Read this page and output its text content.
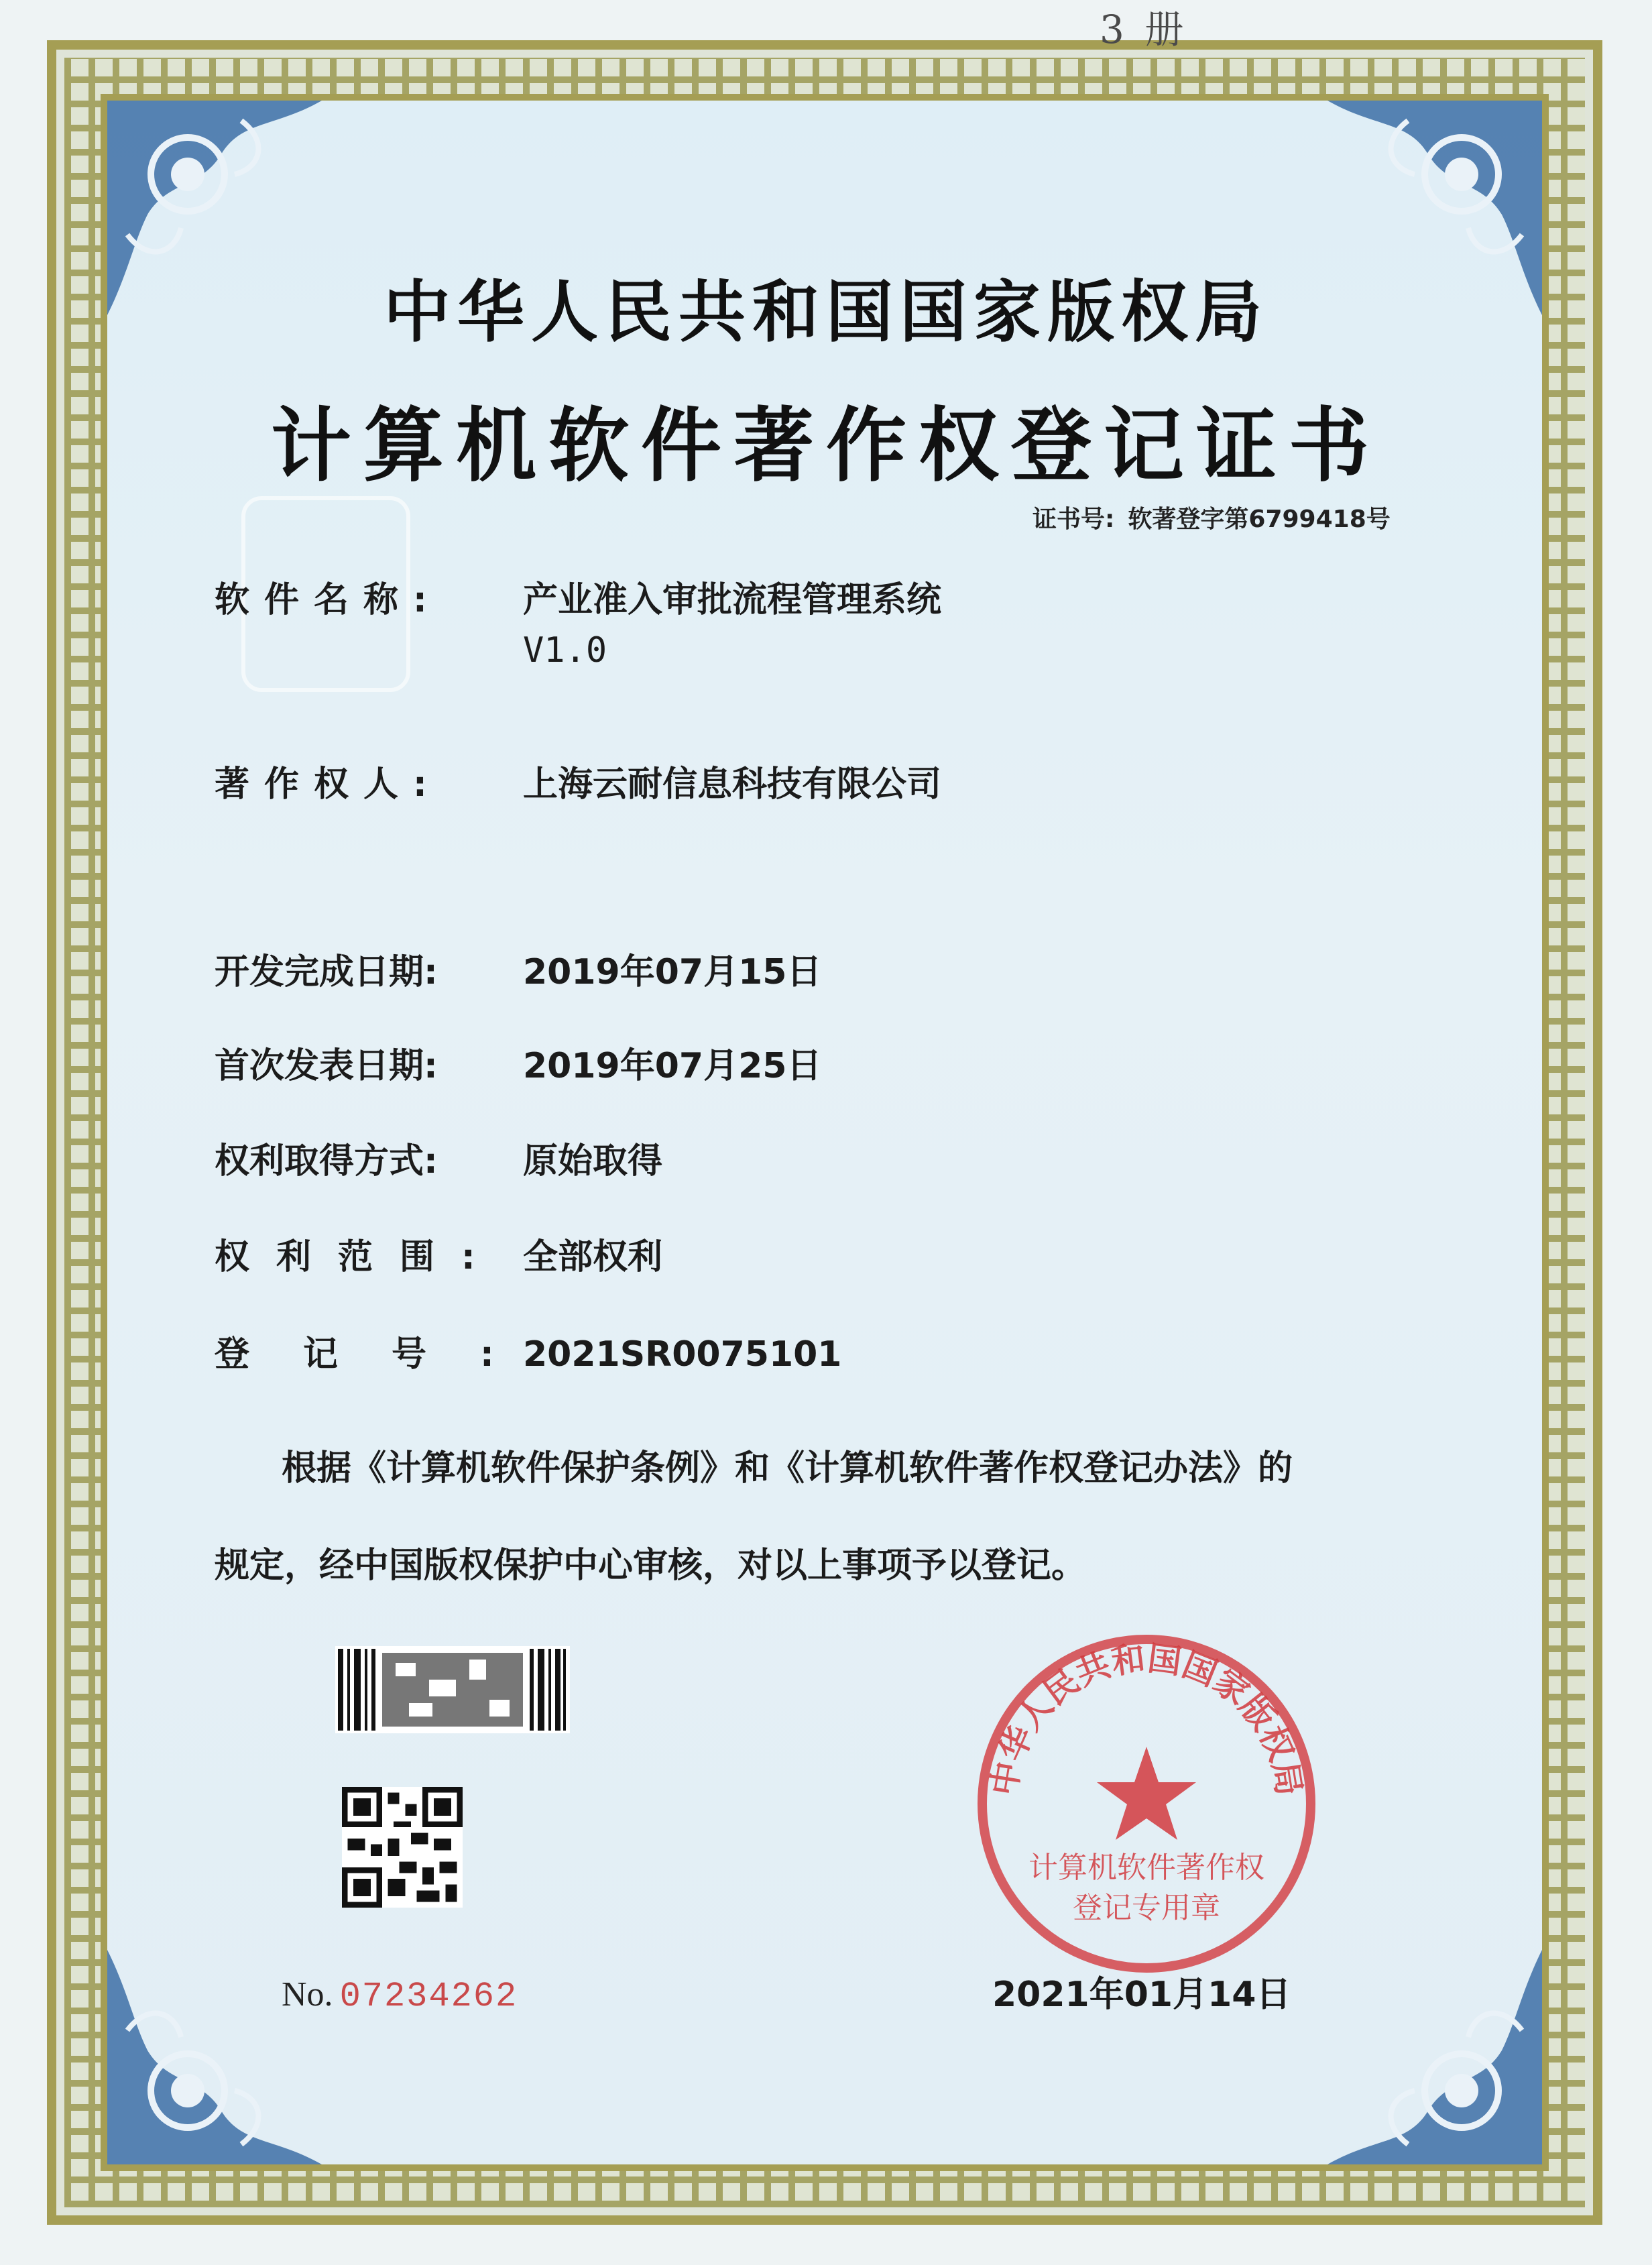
3 册
中华人民共和国国家版权局
计算机软件著作权登记证书
证书号: 软著登字第6799418号
软件名称:	产业准入审批流程管理系统
V1.0
著作权人:	上海云耐信息科技有限公司
开发完成日期:	2019年07月15日
首次发表日期:	2019年07月25日
权利取得方式:	原始取得
权利范围: 全部权利
登记号:
2021SR0075101
根据《计算机软件保护条例》和《计算机软件著作权登记办法》的
规定，经中国版权保护中心审核，对以上事项予以登记。
中华人民共和国国家版权局
计算机软件著作权
登记专用章
No. 07234262	2021年01月14日
